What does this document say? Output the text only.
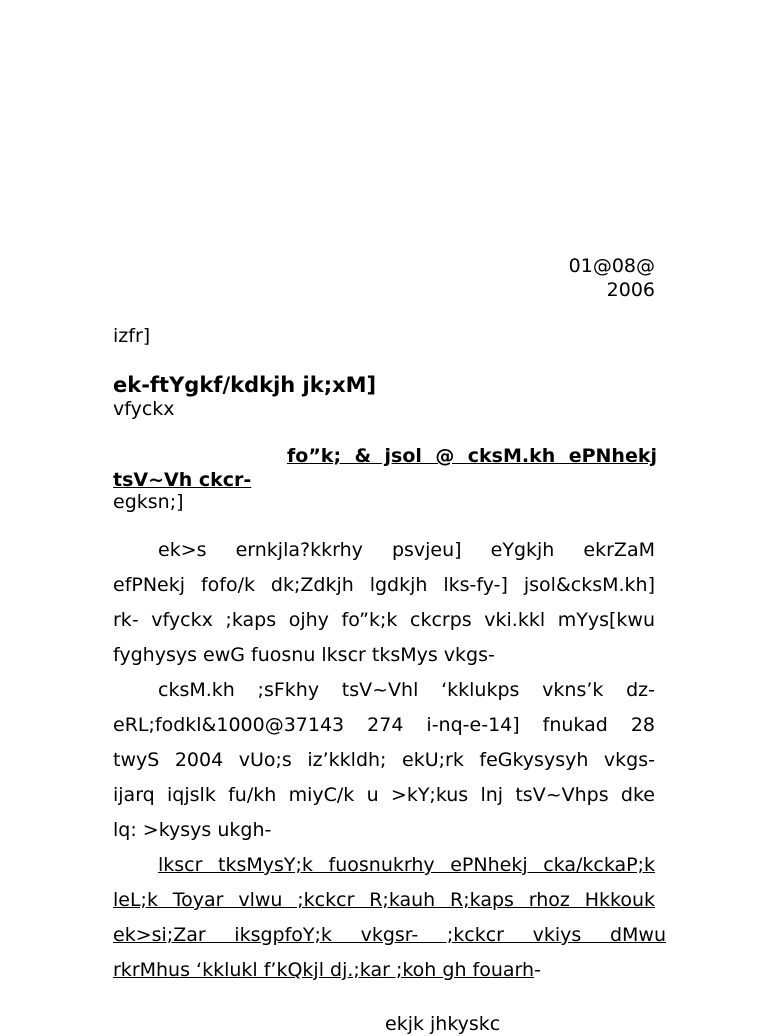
01@08@
2006
izfr]
ek-ftYgkf/kdkjh jk;xM]
vfyckx
fo”k; & jsol @ cksM.kh ePNhekj
tsV~Vh ckcr-
egksn;]
ek>s ernkjla?kkrhy psvjeu] eYgkjh ekrZaM
efPNekj fofo/k dk;Zdkjh lgdkjh lks-fy-] jsol&cksM.kh]
rk- vfyckx ;kaps ojhy fo”k;k ckcrps vki.kkl mYys[kwu
fyghysys ewG fuosnu lkscr tksMys vkgs-
cksM.kh ;sFkhy tsV~Vhl ‘kklukps vkns’k dz-
eRL;fodkl&1000@37143 274 i-nq-e-14] fnukad 28
twyS 2004 vUo;s iz’kkldh; ekU;rk feGkysysyh vkgs-
ijarq iqjslk fu/kh miyC/k u >kY;kus lnj tsV~Vhps dke
lq: >kysys ukgh-
lkscr tksMysY;k fuosnukrhy ePNhekj cka/kckaP;k
leL;k Toyar vlwu ;kckcr R;kauh R;kaps rhoz Hkkouk
ek>si;Zar iksgpfoY;k vkgsr- ;kckcr vkiys dMwu
rkrMhus ‘kklukl f’kQkjl dj.;kar ;koh gh fouarh-
ekjk jhkyskc
